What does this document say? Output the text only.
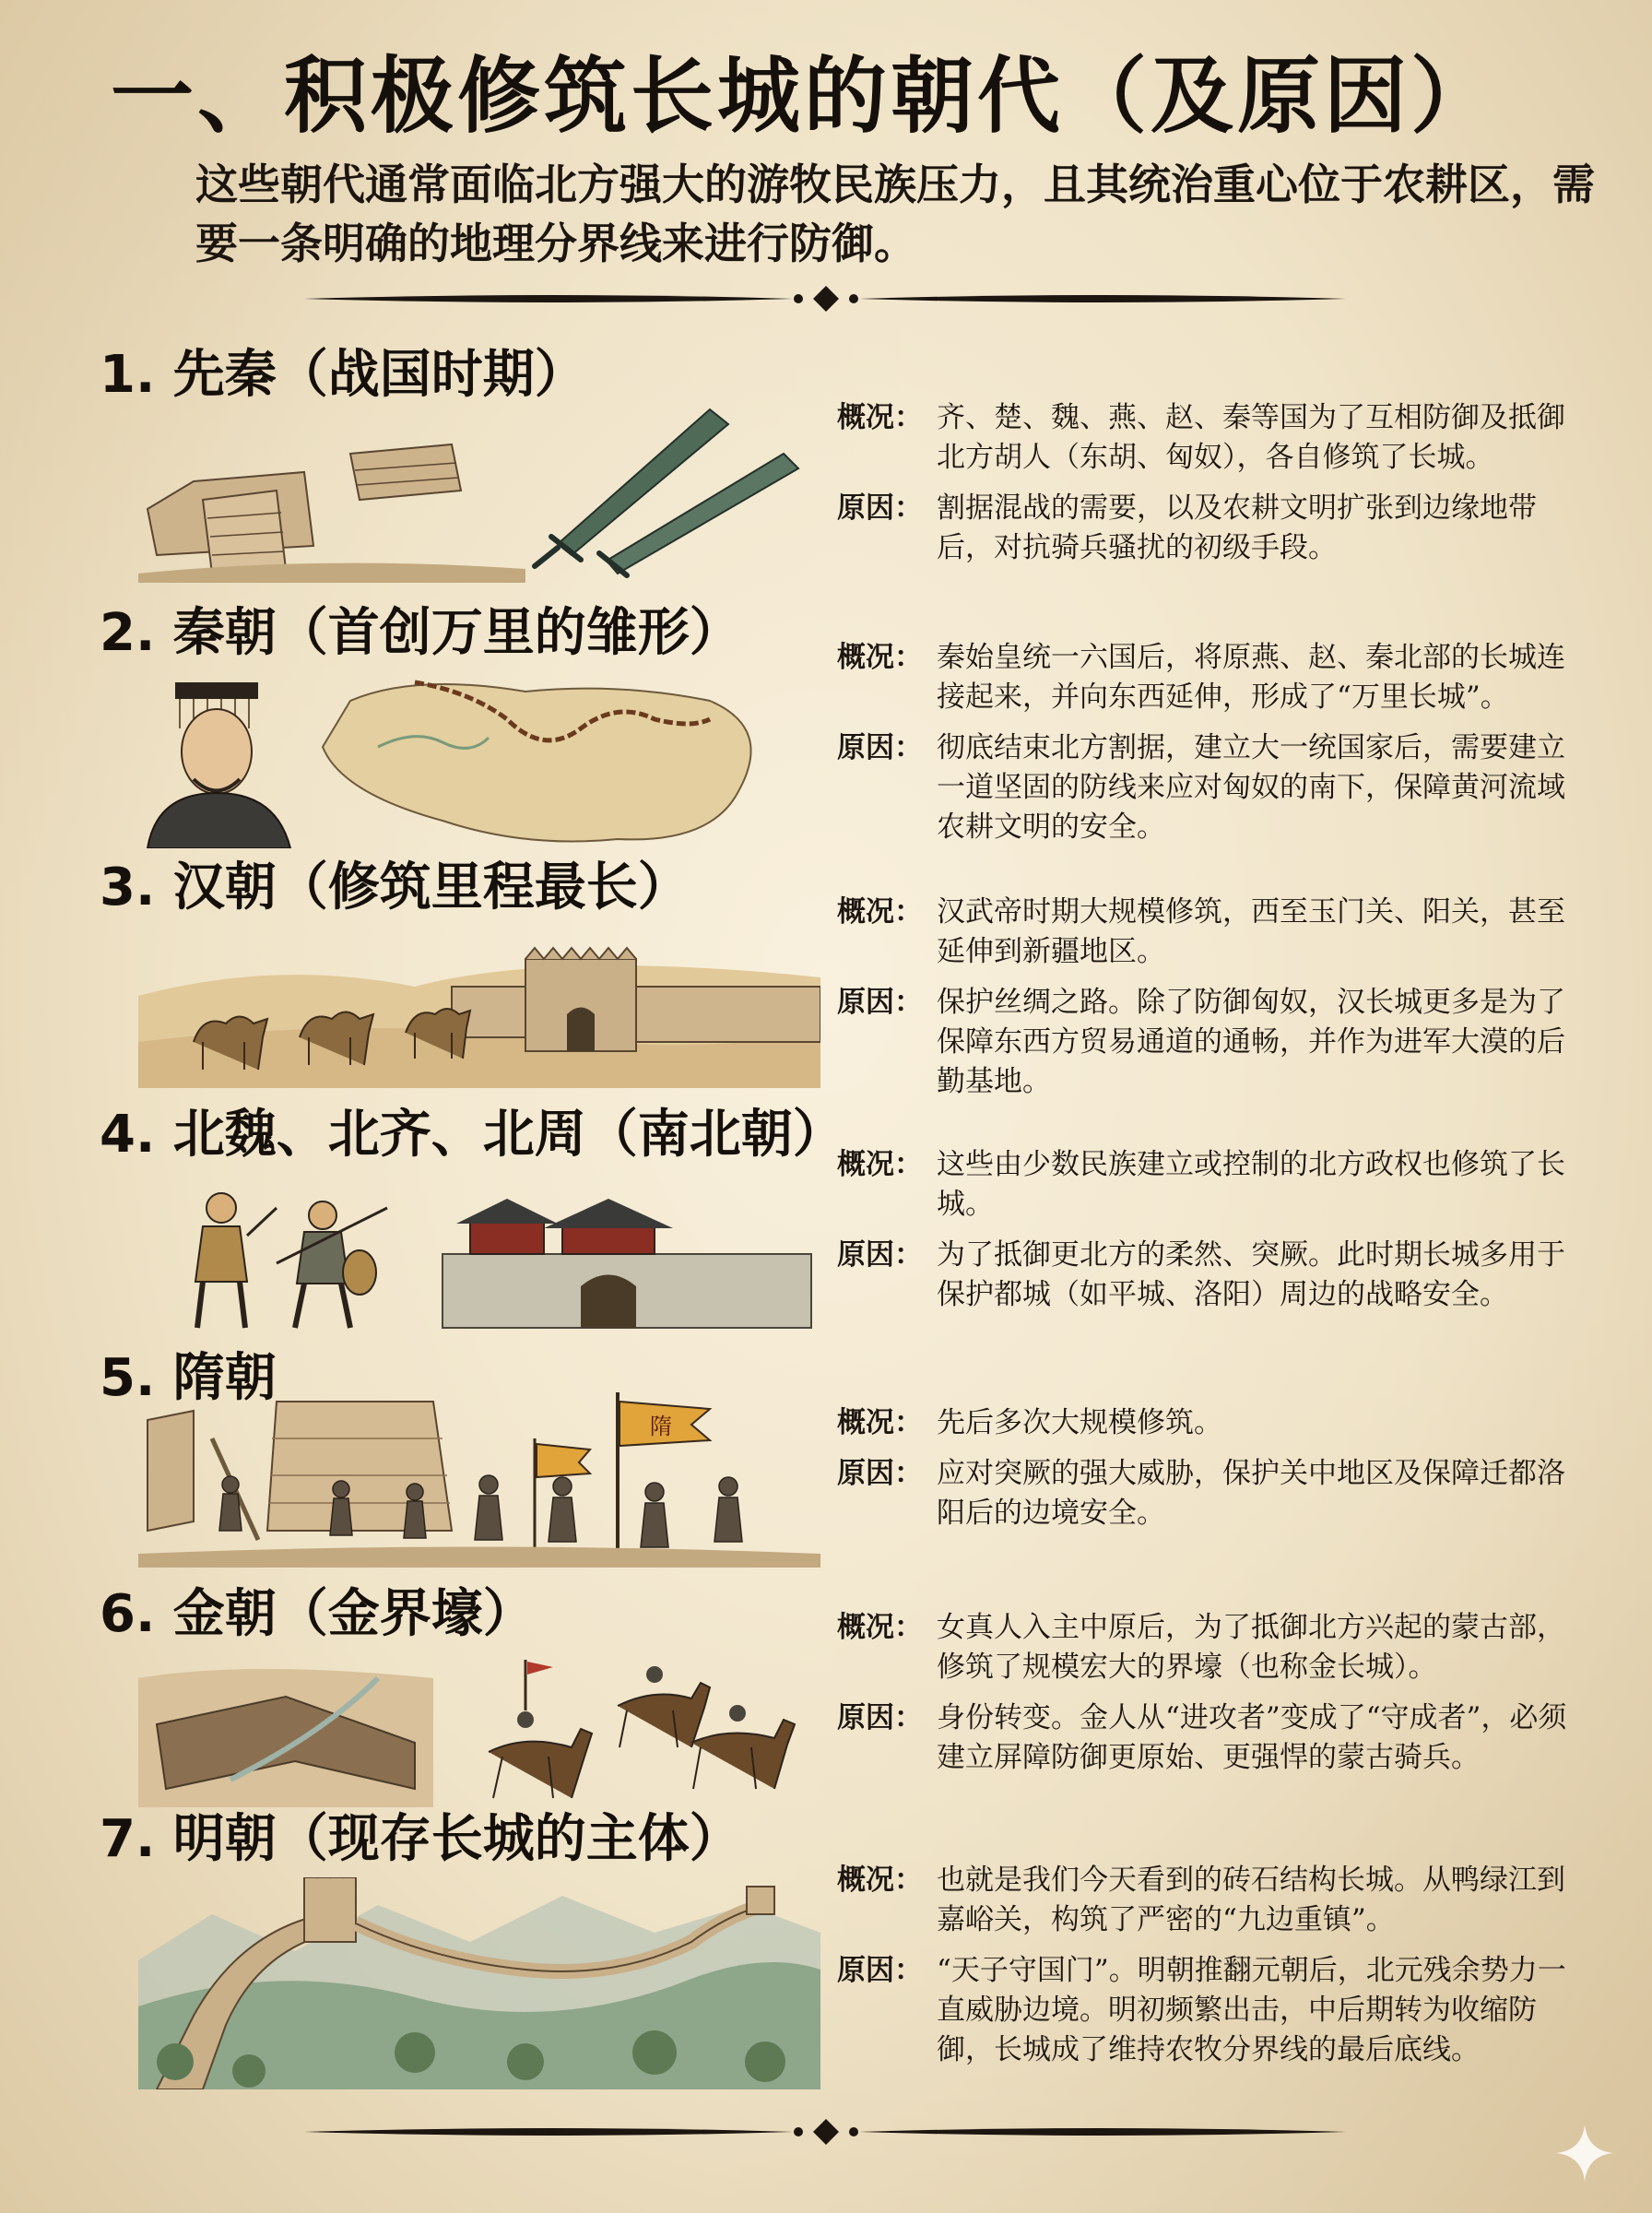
一、积极修筑长城的朝代（及原因）
这些朝代通常面临北方强大的游牧民族压力，且其统治重心位于农耕区，需要一条明确的地理分界线来进行防御。
1. 先秦（战国时期）
概况： 齐、楚、魏、燕、赵、秦等国为了互相防御及抵御北方胡人（东胡、匈奴），各自修筑了长城。
原因： 割据混战的需要，以及农耕文明扩张到边缘地带后，对抗骑兵骚扰的初级手段。
2. 秦朝（首创万里的雏形）	概况： 秦始皇统一六国后，将原燕、赵、秦北部的长城连接起来，并向东西延伸，形成了“万里长城”。
原因： 彻底结束北方割据，建立大一统国家后，需要建立一道坚固的防线来应对匈奴的南下，保障黄河流域农耕文明的安全。
3. 汉朝（修筑里程最长）	概况： 汉武帝时期大规模修筑，西至玉门关、阳关，甚至延伸到新疆地区。
原因： 保护丝绸之路。除了防御匈奴，汉长城更多是为了保障东西方贸易通道的通畅，并作为进军大漠的后勤基地。
4. 北魏、北齐、北周（南北朝）
概况： 这些由少数民族建立或控制的北方政权也修筑了长城。
原因： 为了抵御更北方的柔然、突厥。此时期长城多用于保护都城（如平城、洛阳）周边的战略安全。
5. 隋朝
隋	概况： 先后多次大规模修筑。
原因： 应对突厥的强大威胁，保护关中地区及保障迁都洛阳后的边境安全。
6. 金朝（金界壕）	概况： 女真人入主中原后，为了抵御北方兴起的蒙古部，修筑了规模宏大的界壕（也称金长城）。
原因： 身份转变。金人从“进攻者”变成了“守成者”，必须建立屏障防御更原始、更强悍的蒙古骑兵。
7. 明朝（现存长城的主体）
概况： 也就是我们今天看到的砖石结构长城。从鸭绿江到嘉峪关，构筑了严密的“九边重镇”。
原因： “天子守国门”。明朝推翻元朝后，北元残余势力一直威胁边境。明初频繁出击，中后期转为收缩防御，长城成了维持农牧分界线的最后底线。
